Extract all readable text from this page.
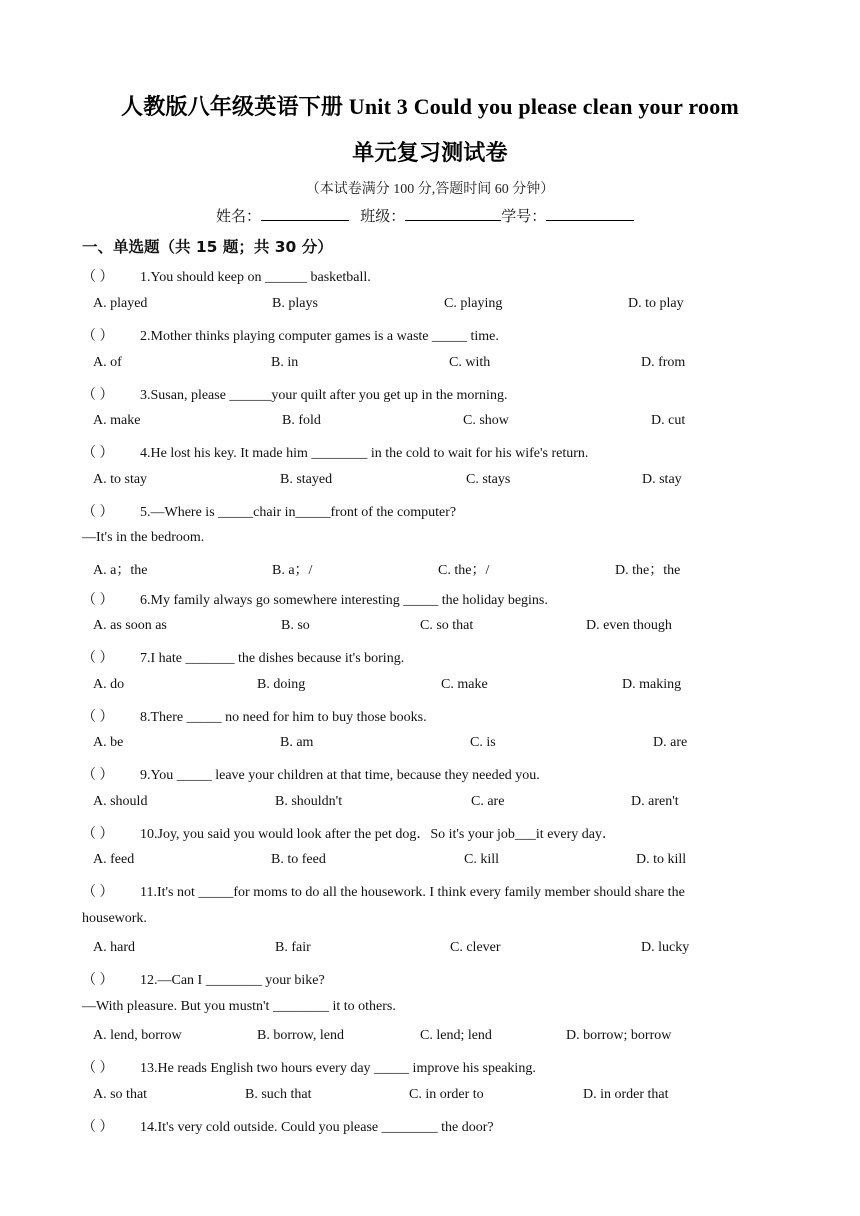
人教版八年级英语下册 Unit 3 Could you please clean your room
单元复习测试卷
（本试卷满分 100 分,答题时间 60 分钟）
姓名：	班级：	学号：
一、单选题（共 15 题；共 30 分）
（ ） 1.You should keep on ______ basketball.
A. played	B. plays	C. playing	D. to play
（ ） 2.Mother thinks playing computer games is a waste _____ time.
A. of	B. in	C. with	D. from
（ ） 3.Susan, please ______your quilt after you get up in the morning.
A. make	B. fold	C. show	D. cut
（ ） 4.He lost his key. It made him ________ in the cold to wait for his wife's return.
A. to stay	B. stayed	C. stays	D. stay
（ ） 5.—Where is _____chair in_____front of the computer?
—It's in the bedroom.
A. a；the	B. a；/	C. the；/	D. the；the
（ ） 6.My family always go somewhere interesting _____ the holiday begins.
A. as soon as	B. so	C. so that	D. even though
（ ） 7.I hate _______ the dishes because it's boring.
A. do	B. doing	C. make	D. making
（ ） 8.There _____ no need for him to buy those books.
A. be	B. am	C. is	D. are
（ ） 9.You _____ leave your children at that time, because they needed you.
A. should	B. shouldn't	C. are	D. aren't
（ ） 10.Joy, you said you would look after the pet dog．So it's your job___it every day．
A. feed	B. to feed	C. kill	D. to kill
（ ） 11.It's not _____for moms to do all the housework. I think every family member should share the
housework.
A. hard	B. fair	C. clever	D. lucky
（ ） 12.—Can I ________ your bike?
—With pleasure. But you mustn't ________ it to others.
A. lend, borrow	B. borrow, lend	C. lend; lend	D. borrow; borrow
（ ） 13.He reads English two hours every day _____ improve his speaking.
A. so that	B. such that	C. in order to	D. in order that
（ ） 14.It's very cold outside. Could you please ________ the door?
